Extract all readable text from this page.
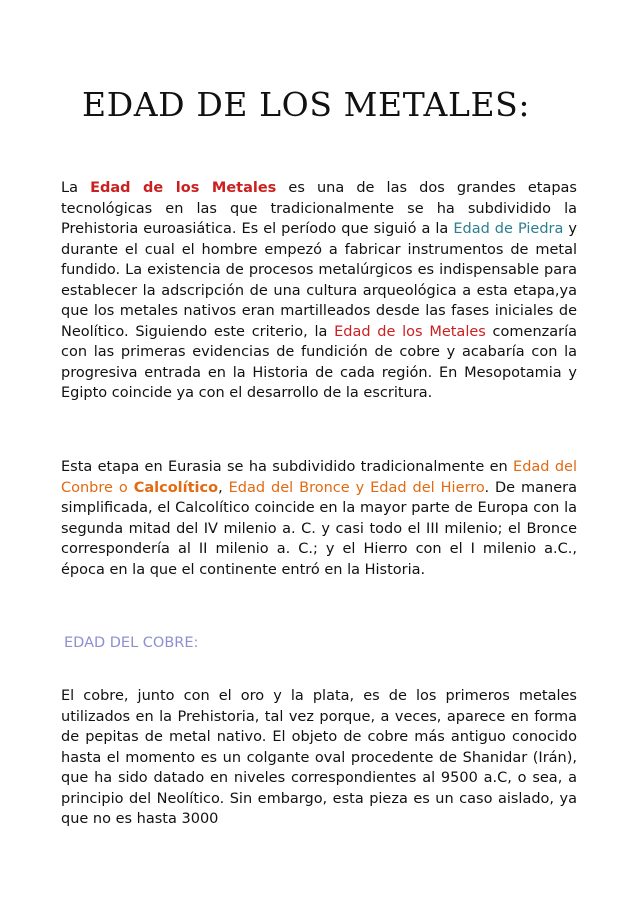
EDAD DE LOS METALES:

La Edad de los Metales es una de las dos grandes etapas tecnológicas en las que tradicionalmente se ha subdividido la Prehistoria euroasiática. Es el período que siguió a la Edad de Piedra y durante el cual el hombre empezó a fabricar instrumentos de metal fundido. La existencia de procesos metalúrgicos es indispensable para establecer la adscripción de una cultura arqueológica a esta etapa,ya que los metales nativos eran martilleados desde las fases iniciales de Neolítico. Siguiendo este criterio, la Edad de los Metales comenzaría con las primeras evidencias de fundición de cobre y acabaría con la progresiva entrada en la Historia de cada región. En Mesopotamia y Egipto coincide ya con el desarrollo de la escritura.

Esta etapa en Eurasia se ha subdividido tradicionalmente en Edad del Conbre o Calcolítico, Edad del Bronce y Edad del Hierro. De manera simplificada, el Calcolítico coincide en la mayor parte de Europa con la segunda mitad del IV milenio a. C. y casi todo el III milenio; el Bronce correspondería al II milenio a. C.; y el Hierro con el I milenio a.C., época en la que el continente entró en la Historia.

EDAD DEL COBRE:

El cobre, junto con el oro y la plata, es de los primeros metales utilizados en la Prehistoria, tal vez porque, a veces, aparece en forma de pepitas de metal nativo. El objeto de cobre más antiguo conocido hasta el momento es un colgante oval procedente de Shanidar (Irán), que ha sido datado en niveles correspondientes al 9500 a.C, o sea, a principio del Neolítico. Sin embargo, esta pieza es un caso aislado, ya que no es hasta 3000
